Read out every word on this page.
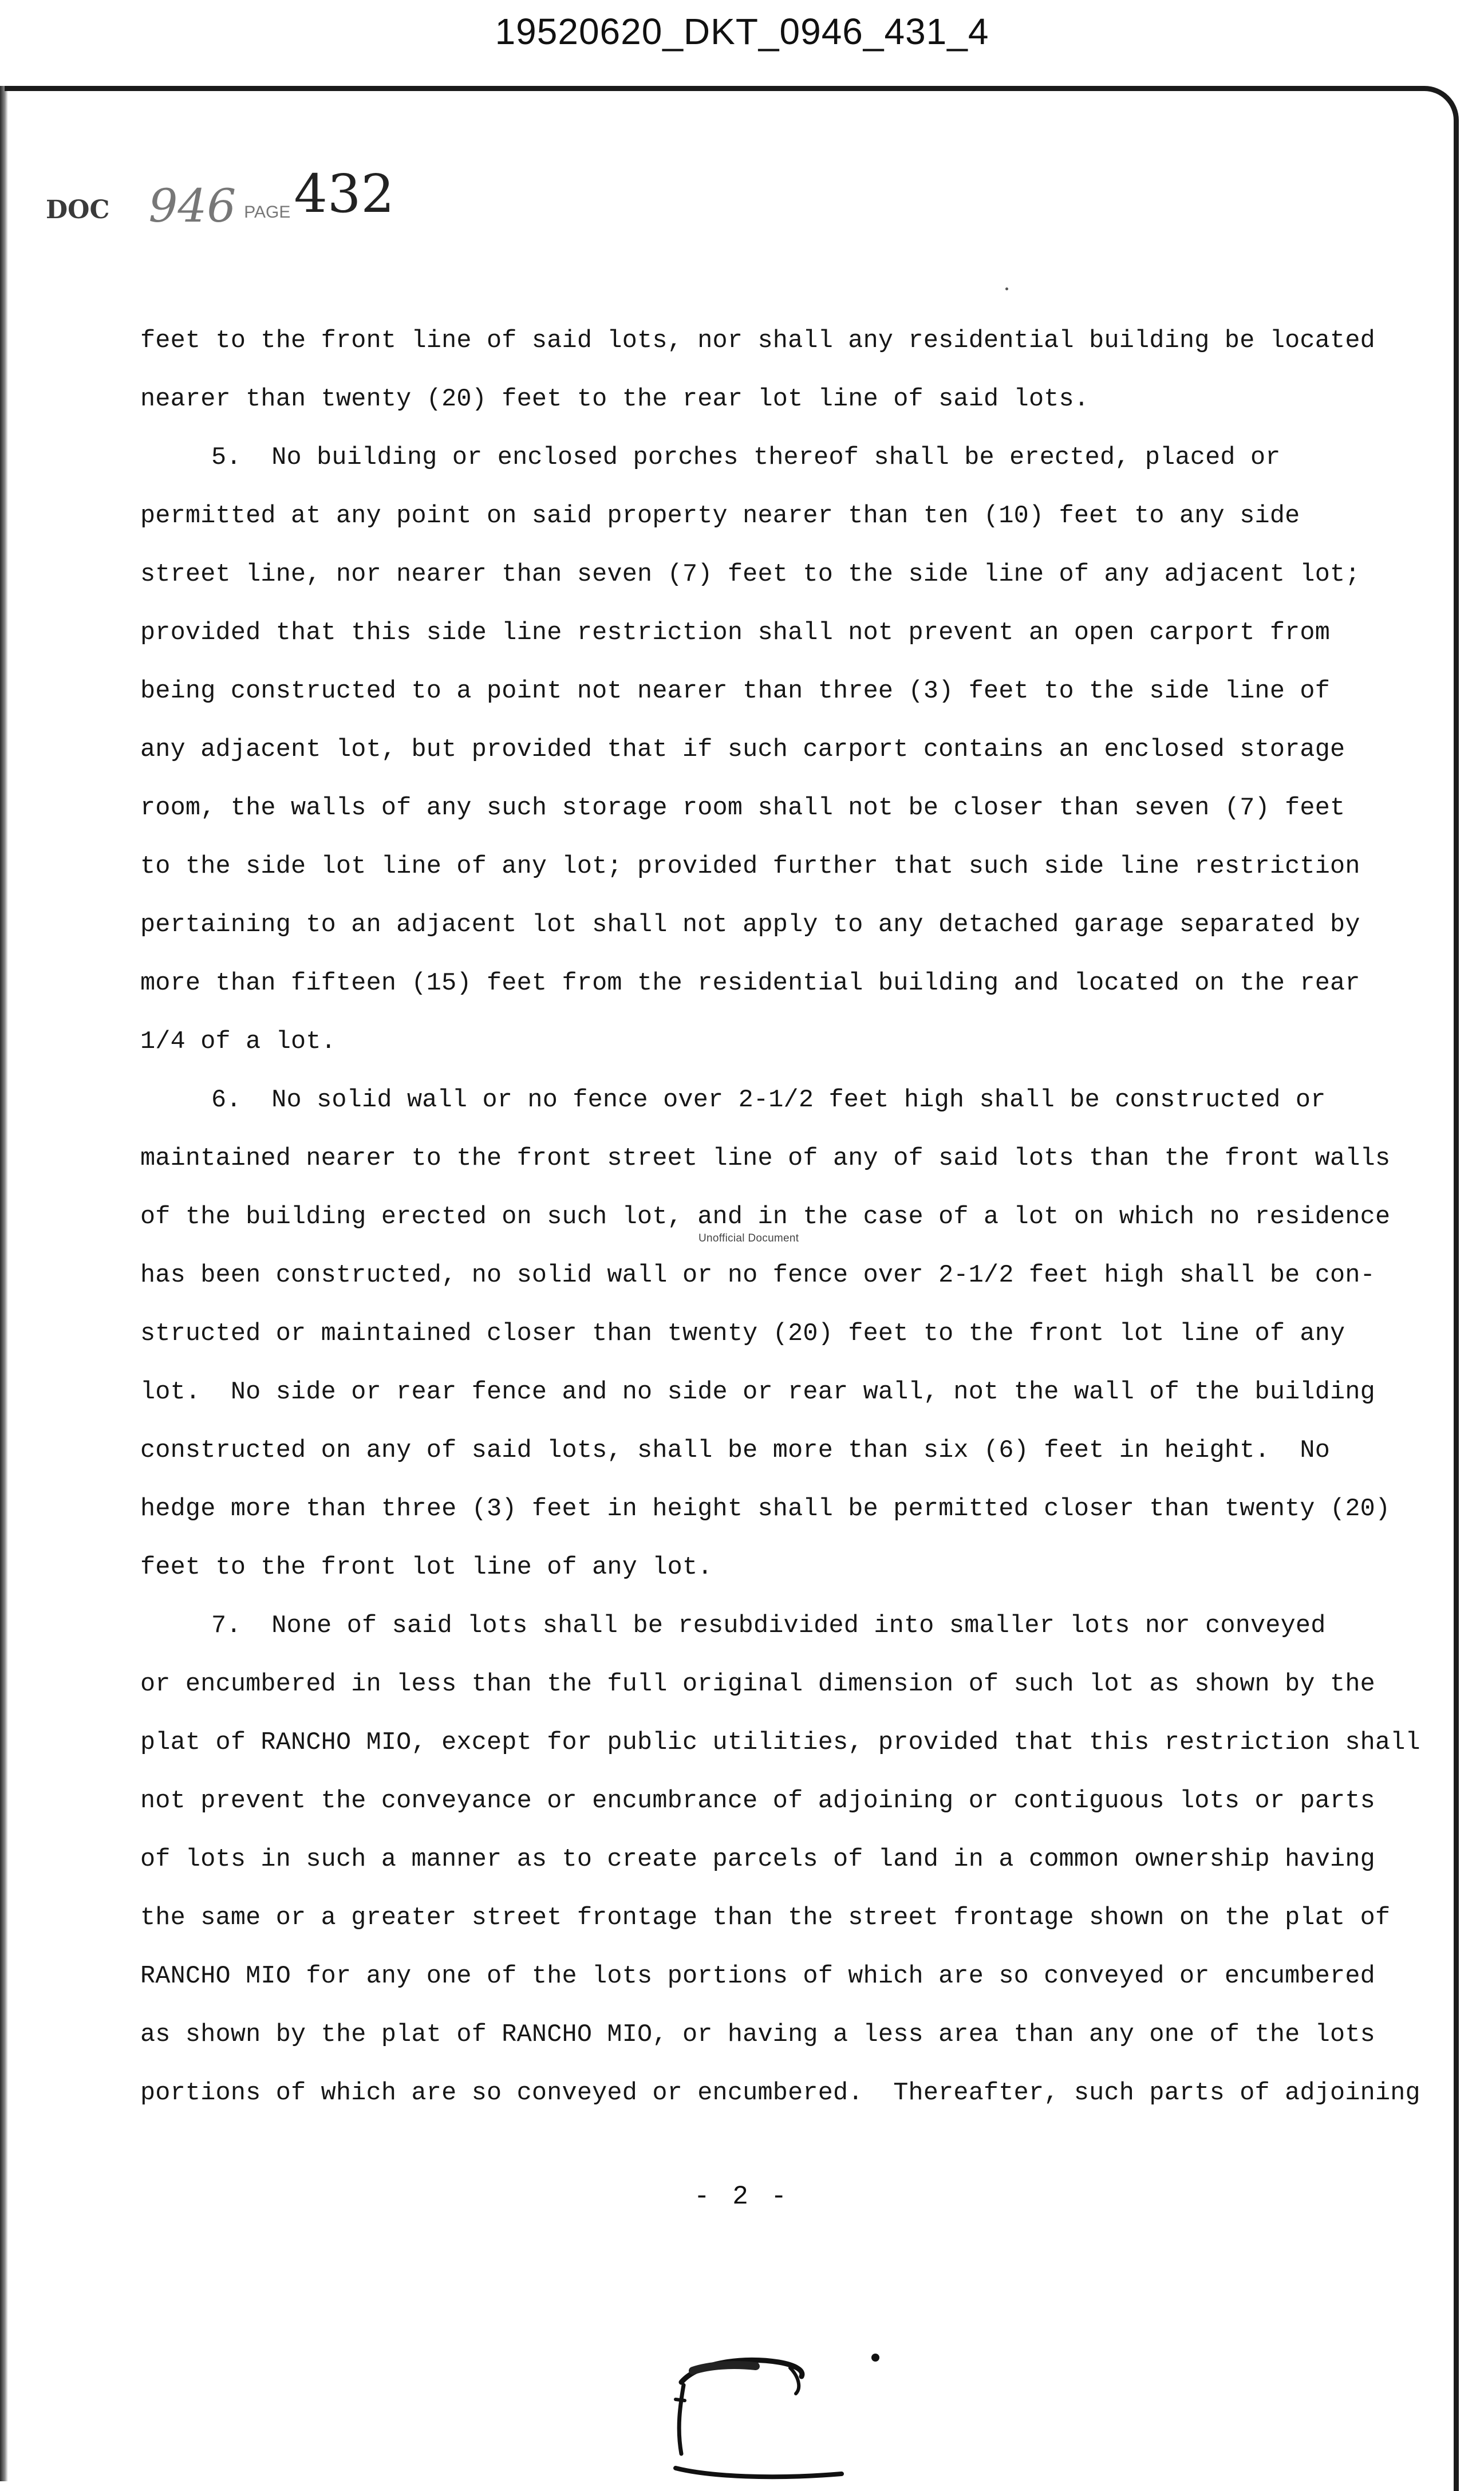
19520620_DKT_0946_431_4
DOC 946 PAGE 432
feet to the front line of said lots, nor shall any residential building be located
nearer than twenty (20) feet to the rear lot line of said lots.
5.  No building or enclosed porches thereof shall be erected, placed or
permitted at any point on said property nearer than ten (10) feet to any side
street line, nor nearer than seven (7) feet to the side line of any adjacent lot;
provided that this side line restriction shall not prevent an open carport from
being constructed to a point not nearer than three (3) feet to the side line of
any adjacent lot, but provided that if such carport contains an enclosed storage
room, the walls of any such storage room shall not be closer than seven (7) feet
to the side lot line of any lot; provided further that such side line restriction
pertaining to an adjacent lot shall not apply to any detached garage separated by
more than fifteen (15) feet from the residential building and located on the rear
1/4 of a lot.
6.  No solid wall or no fence over 2-1/2 feet high shall be constructed or
maintained nearer to the front street line of any of said lots than the front walls
of the building erected on such lot, and in the case of a lot on which no residence
has been constructed, no solid wall or no fence over 2-1/2 feet high shall be con-
structed or maintained closer than twenty (20) feet to the front lot line of any
lot.  No side or rear fence and no side or rear wall, not the wall of the building
constructed on any of said lots, shall be more than six (6) feet in height.  No
hedge more than three (3) feet in height shall be permitted closer than twenty (20)
feet to the front lot line of any lot.
7.  None of said lots shall be resubdivided into smaller lots nor conveyed
or encumbered in less than the full original dimension of such lot as shown by the
plat of RANCHO MIO, except for public utilities, provided that this restriction shall
not prevent the conveyance or encumbrance of adjoining or contiguous lots or parts
of lots in such a manner as to create parcels of land in a common ownership having
the same or a greater street frontage than the street frontage shown on the plat of
RANCHO MIO for any one of the lots portions of which are so conveyed or encumbered
as shown by the plat of RANCHO MIO, or having a less area than any one of the lots
portions of which are so conveyed or encumbered.  Thereafter, such parts of adjoining
Unofficial Document
- 2 -
